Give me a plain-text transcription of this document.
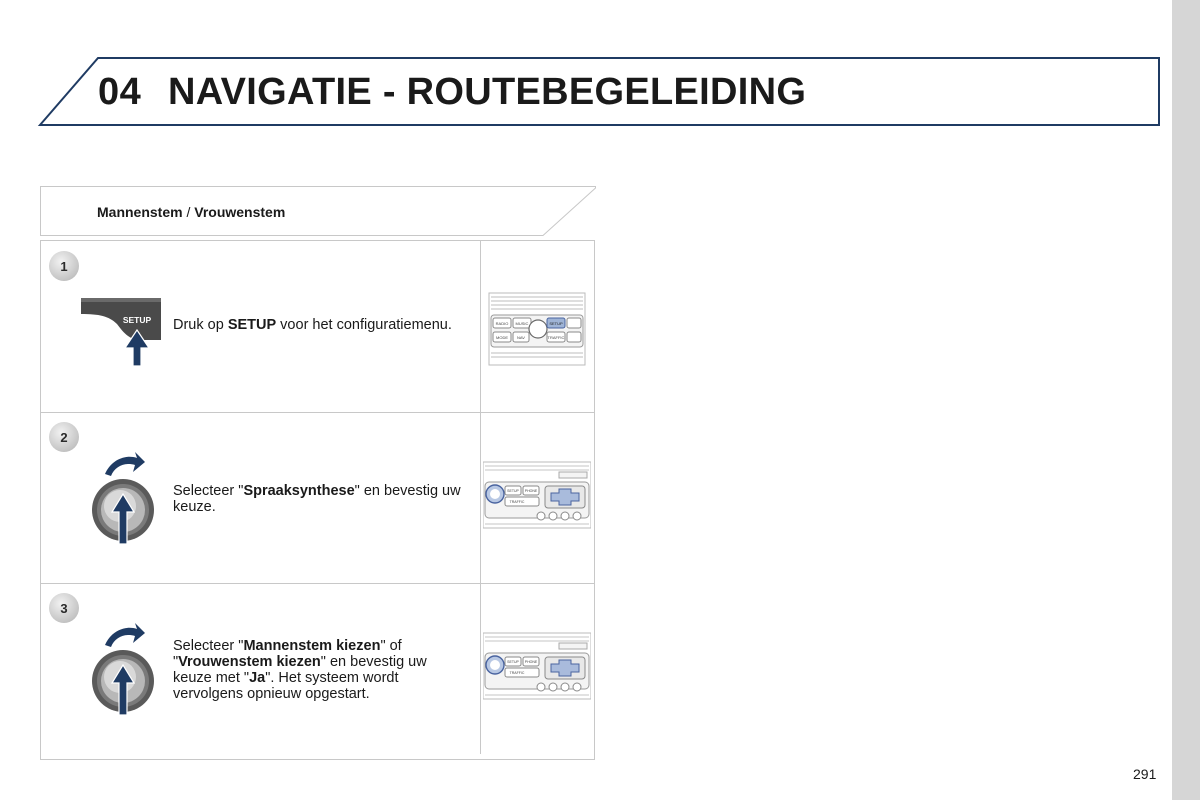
04 NAVIGATIE - ROUTEBEGELEIDING
Mannenstem / Vrouwenstem
1
SETUP Druk op SETUP voor het configuratiemenu.	RADIO MUSIC	SETUP
MODE NAV	TRAFFIC
2
Selecteer "Spraaksynthese" en bevestig uw keuze.
SETUP PHONE
TRAFFIC
3
Selecteer "Mannenstem kiezen" of "Vrouwenstem kiezen" en bevestig uw keuze met "Ja". Het systeem wordt vervolgens opnieuw opgestart.
SETUP PHONE
TRAFFIC
291
